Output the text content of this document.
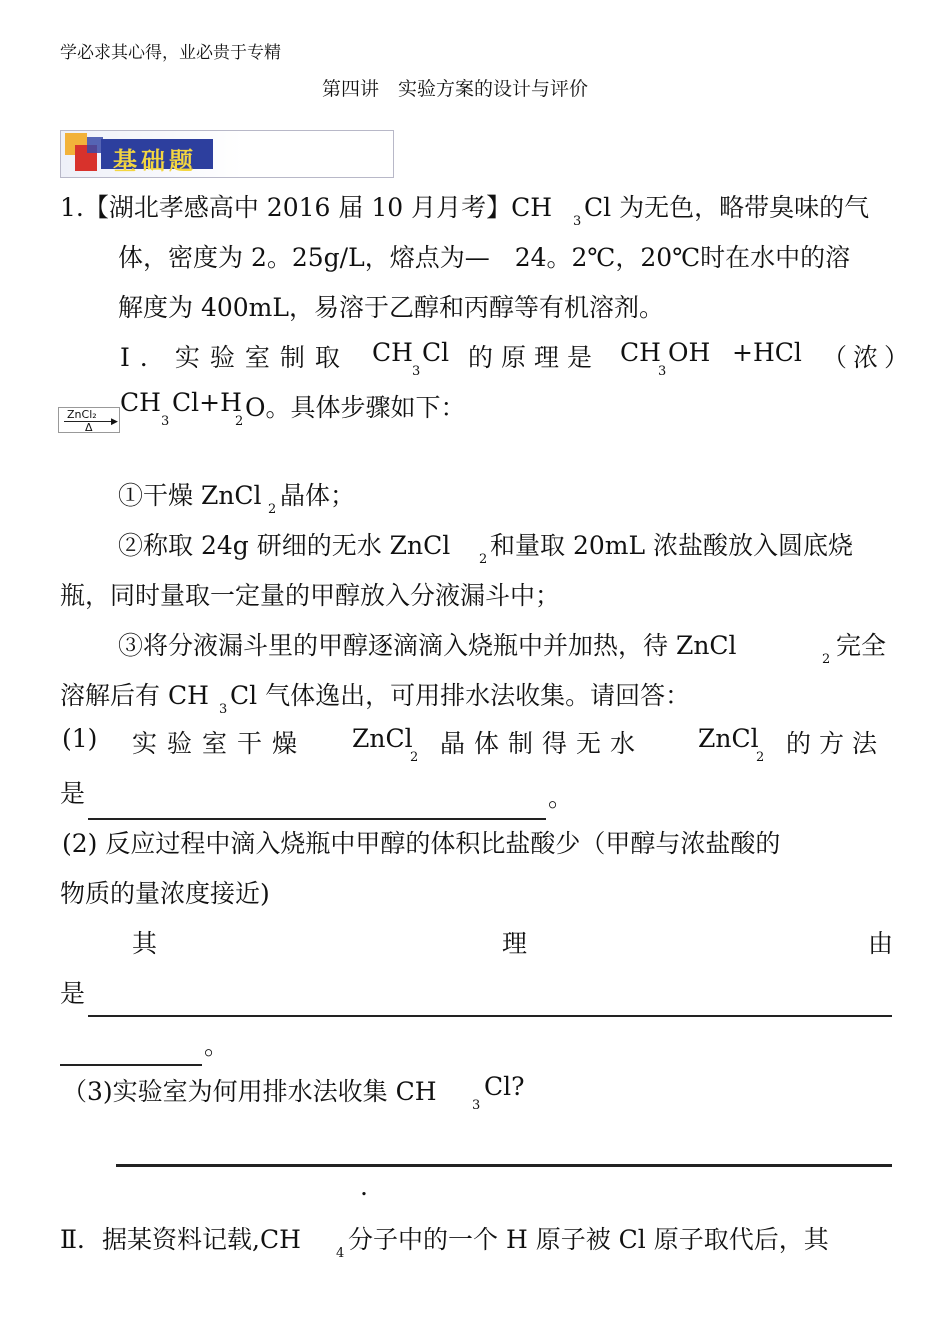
学必求其心得，业必贵于专精
第四讲　实验方案的设计与评价
基础题
1.【湖北孝感高中 2016 届 10 月月考】CH 3 Cl 为无色，略带臭味的气
体，密度为 2。25g/L，熔点为—　24。2℃，20℃时在水中的溶
解度为 400mL，易溶于乙醇和丙醇等有机溶剂。
Ⅰ．实验室制取 CH
3
Cl 的原理是 CH
3
OH +HCl （浓）
ZnCl₂
▶
Δ
CH
3
Cl+H
2 O。具体步骤如下：
①干燥 ZnCl 2 晶体；
②称取 24g 研细的无水 ZnCl 2 和量取 20mL 浓盐酸放入圆底烧
瓶，同时量取一定量的甲醇放入分液漏斗中；
③将分液漏斗里的甲醇逐滴滴入烧瓶中并加热，待 ZnCl	2 完全
溶解后有 CH 3 Cl 气体逸出，可用排水法收集。请回答：
(1) 实验室干燥 ZnCl
2 晶体制得无水 ZnCl
2 的方法
是	。
(2) 反应过程中滴入烧瓶中甲醇的体积比盐酸少（甲醇与浓盐酸的
物质的量浓度接近)
其	理	由
是
。
（3)实验室为何用排水法收集 CH	3
Cl?
.
Ⅱ．据某资料记载,CH	4 分子中的一个 H 原子被 Cl 原子取代后，其
